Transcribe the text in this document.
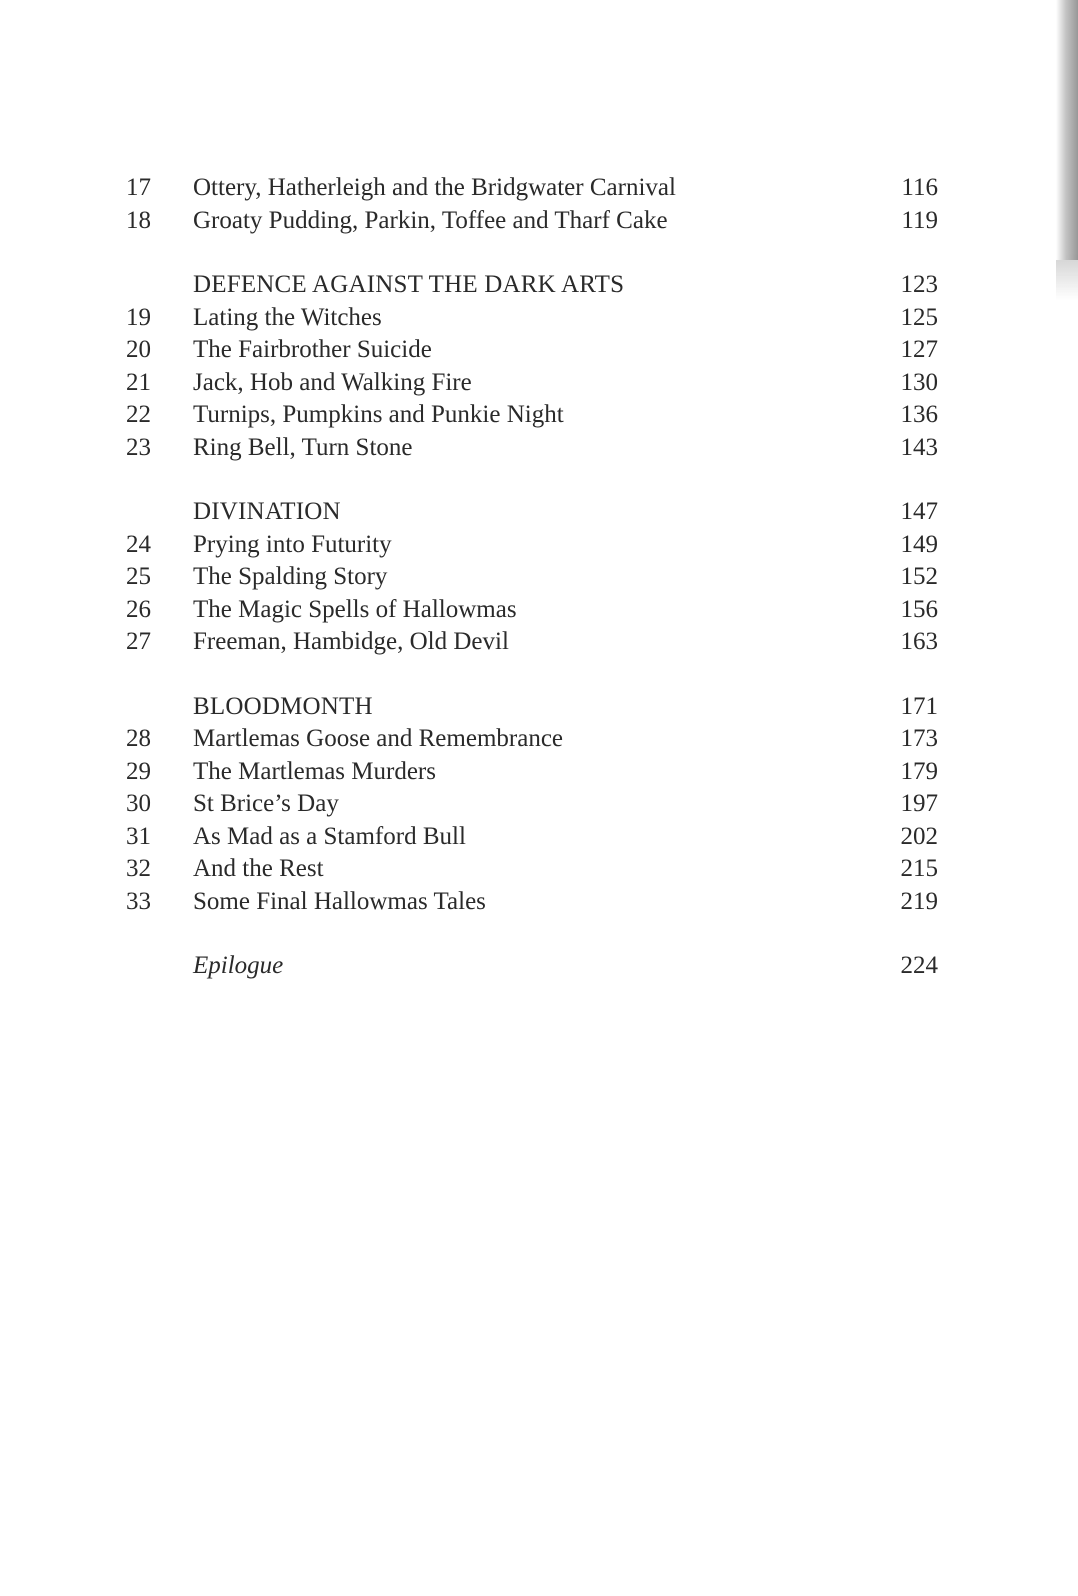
17	Ottery, Hatherleigh and the Bridgwater Carnival	116
18	Groaty Pudding, Parkin, Toffee and Tharf Cake	119
DEFENCE AGAINST THE DARK ARTS	123
19	Lating the Witches	125
20	The Fairbrother Suicide	127
21	Jack, Hob and Walking Fire	130
22	Turnips, Pumpkins and Punkie Night	136
23	Ring Bell, Turn Stone	143
DIVINATION	147
24	Prying into Futurity	149
25	The Spalding Story	152
26	The Magic Spells of Hallowmas	156
27	Freeman, Hambidge, Old Devil	163
BLOODMONTH	171
28	Martlemas Goose and Remembrance	173
29	The Martlemas Murders	179
30	St Brice’s Day	197
31	As Mad as a Stamford Bull	202
32	And the Rest	215
33	Some Final Hallowmas Tales	219
Epilogue	224
